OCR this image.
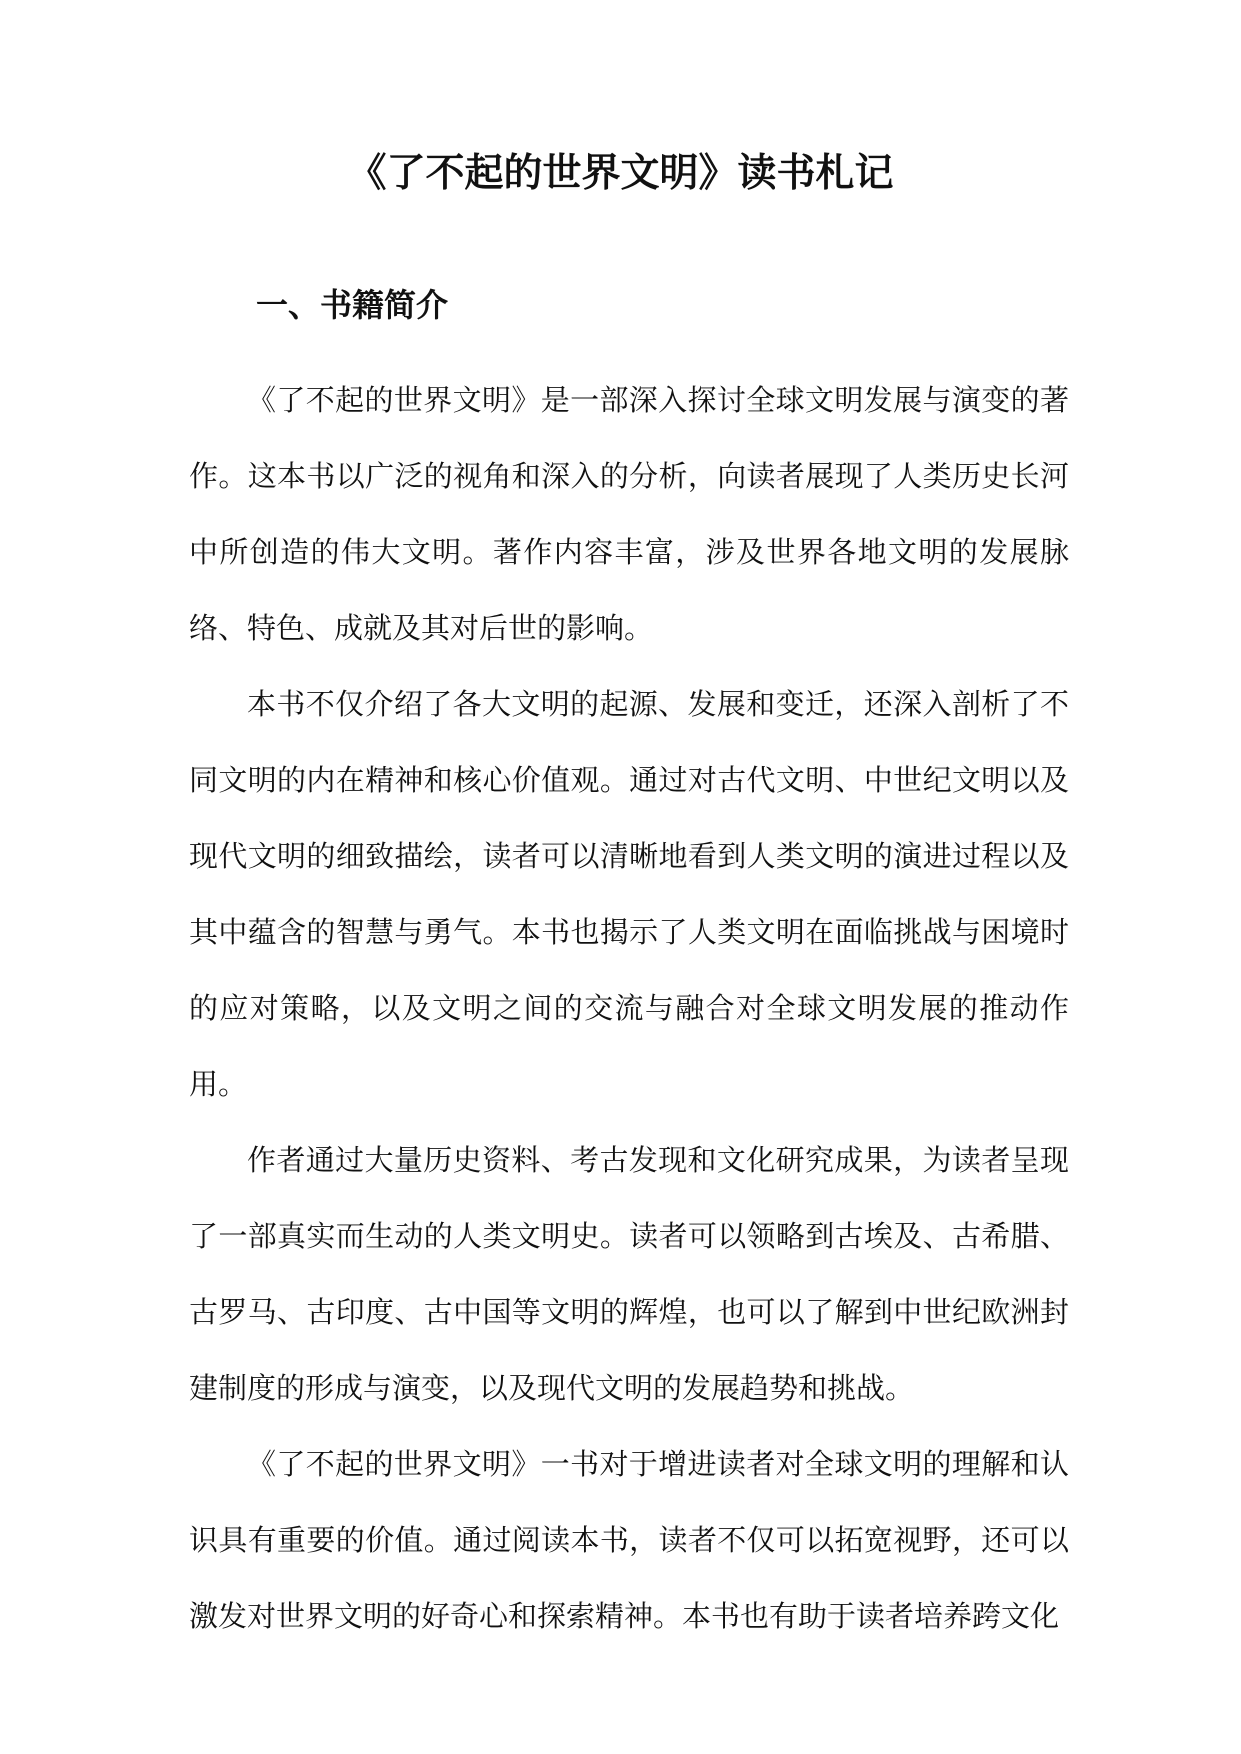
《了不起的世界文明》读书札记
一、书籍简介

《了不起的世界文明》是一部深入探讨全球文明发展与演变的著作。这本书以广泛的视角和深入的分析，向读者展现了人类历史长河中所创造的伟大文明。著作内容丰富，涉及世界各地文明的发展脉络、特色、成就及其对后世的影响。

本书不仅介绍了各大文明的起源、发展和变迁，还深入剖析了不同文明的内在精神和核心价值观。通过对古代文明、中世纪文明以及现代文明的细致描绘，读者可以清晰地看到人类文明的演进过程以及其中蕴含的智慧与勇气。本书也揭示了人类文明在面临挑战与困境时的应对策略，以及文明之间的交流与融合对全球文明发展的推动作用。

作者通过大量历史资料、考古发现和文化研究成果，为读者呈现了一部真实而生动的人类文明史。读者可以领略到古埃及、古希腊、古罗马、古印度、古中国等文明的辉煌，也可以了解到中世纪欧洲封建制度的形成与演变，以及现代文明的发展趋势和挑战。

《了不起的世界文明》一书对于增进读者对全球文明的理解和认识具有重要的价值。通过阅读本书，读者不仅可以拓宽视野，还可以激发对世界文明的好奇心和探索精神。本书也有助于读者培养跨文化
